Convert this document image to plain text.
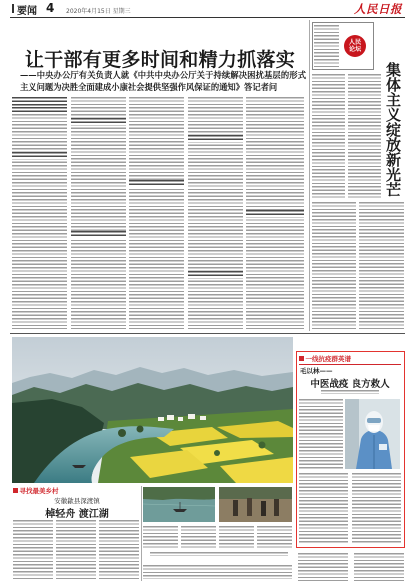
要闻 4 2020年4月15日 星期三	人民日报
让干部有更多时间和精力抓落实
——中央办公厅有关负责人就《中共中央办公厅关于持续解决困扰基层的形式主义问题为决胜全面建成小康社会提供坚强作风保证的通知》答记者问
人民
论坛
集体主义绽放新光芒
一线抗疫群英谱
毛以林——
中医战疫 良方救人
寻找最美乡村
安徽歙县深渡镇
棹轻舟 渡江湖
